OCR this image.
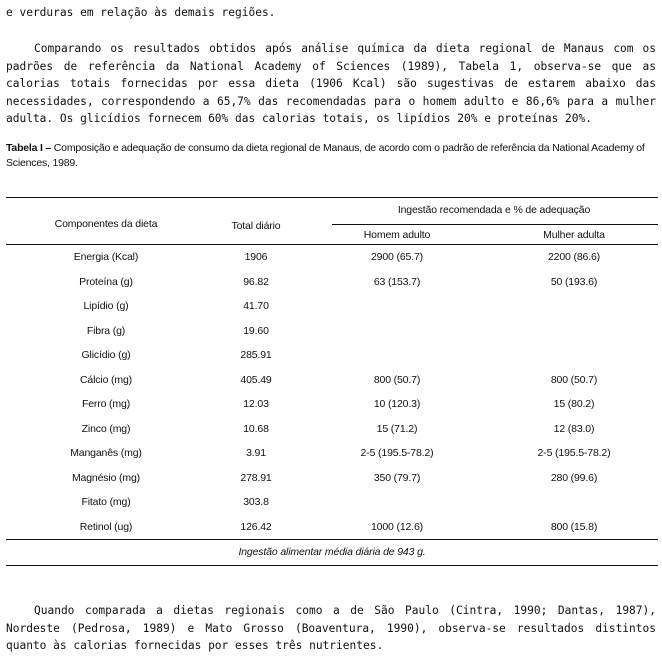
e verduras em relação às demais regiões.

Comparando os resultados obtidos após análise química da dieta regional de Manaus com os padrões de referência da National Academy of Sciences (1989), Tabela 1, observa-se que as calorias totais fornecidas por essa dieta (1906 Kcal) são sugestivas de estarem abaixo das necessidades, correspondendo a 65,7% das recomendadas para o homem adulto e 86,6% para a mulher adulta. Os glicídios fornecem 60% das calorias totais, os lipídios 20% e proteínas 20%.

Tabela I – Composição e adequação de consumo da dieta regional de Manaus, de acordo com o padrão de referência da National Academy of Sciences, 1989.
Componentes da dieta	Total diário
Ingestão recomendada e % de adequação
Homem adulto	Mulher adulta
Energia (Kcal)	1906	2900 (65.7)	2200 (86.6)
Proteína (g)	96.82	63 (153.7)	50 (193.6)
Lipídio (g)	41.70
Fibra (g)	19.60
Glicídio (g)	285.91
Cálcio (mg)	405.49	800 (50.7)	800 (50.7)
Ferro (mg)	12.03	10 (120.3)	15 (80.2)
Zinco (mg)	10.68	15 (71.2)	12 (83.0)
Manganês (mg)	3.91	2-5 (195.5-78.2)	2-5 (195.5-78.2)
Magnésio (mg)	278.91	350 (79.7)	280 (99.6)
Fitato (mg)	303.8
Retinol (ug)	126.42	1000 (12.6)	800 (15.8)
Ingestão alimentar média diária de 943 g.

Quando comparada a dietas regionais como a de São Paulo (Cintra, 1990; Dantas, 1987), Nordeste (Pedrosa, 1989) e Mato Grosso (Boaventura, 1990), observa-se resultados distintos quanto às calorias fornecidas por esses três nutrientes.
